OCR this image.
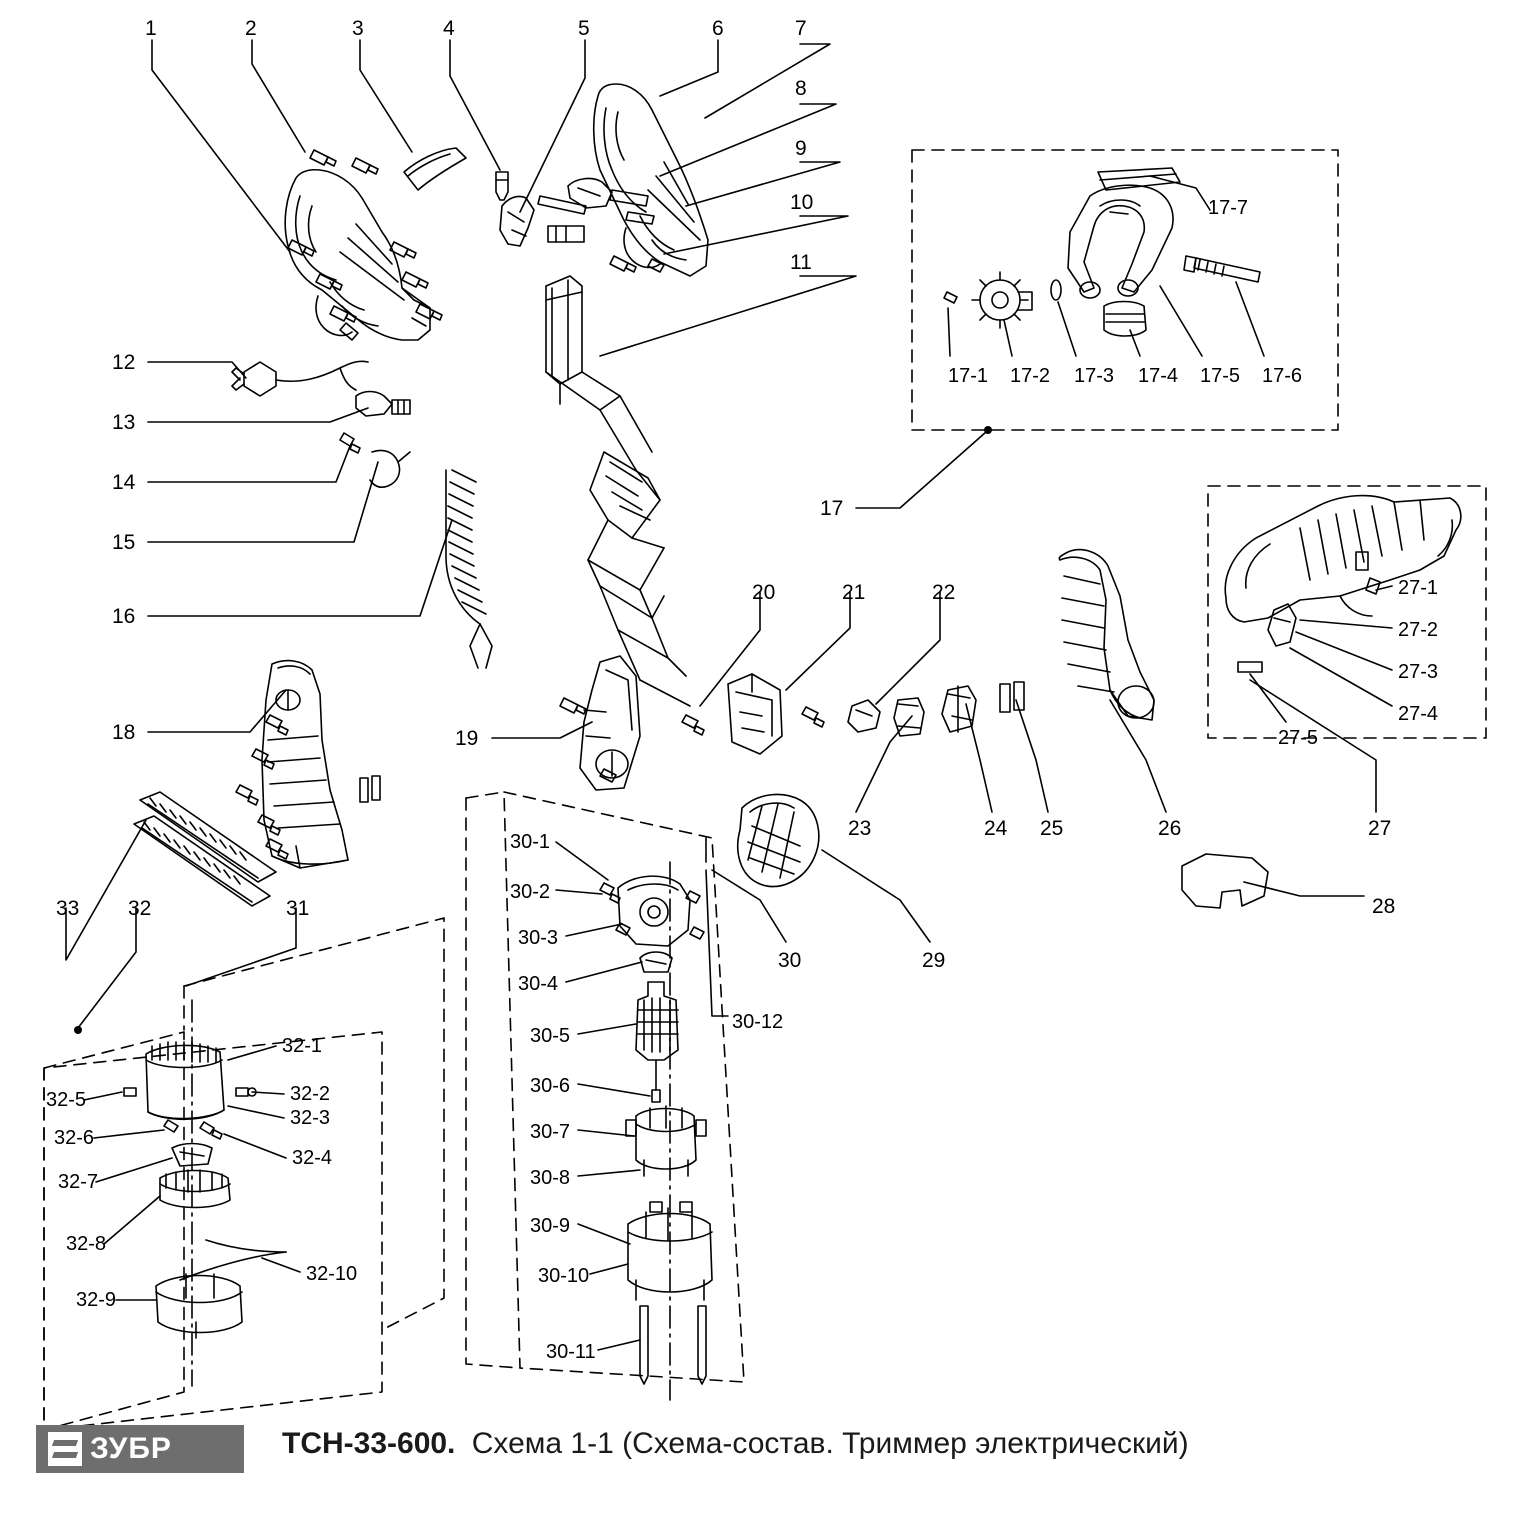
1	2	3	4	5	6	7
8
9
10
11
12
13
14
15
16
17
18	19
20	21	22
23	24 25	26	27
28
29
30
31
32
33
17-1 17-2 17-3 17-4 17-5 17-6
17-7
27-1
27-2
27-3
27-4
27-5
30-1
30-2
30-3
30-4
30-5
30-6
30-7
30-8
30-9
30-10
30-11
30-12
32-1
32-2
32-3
32-4
32-5
32-6
32-7
32-8
32-9
32-10
ЗУБР	TCH-33-600. Схема 1-1 (Схема-состав. Триммер электрический)
